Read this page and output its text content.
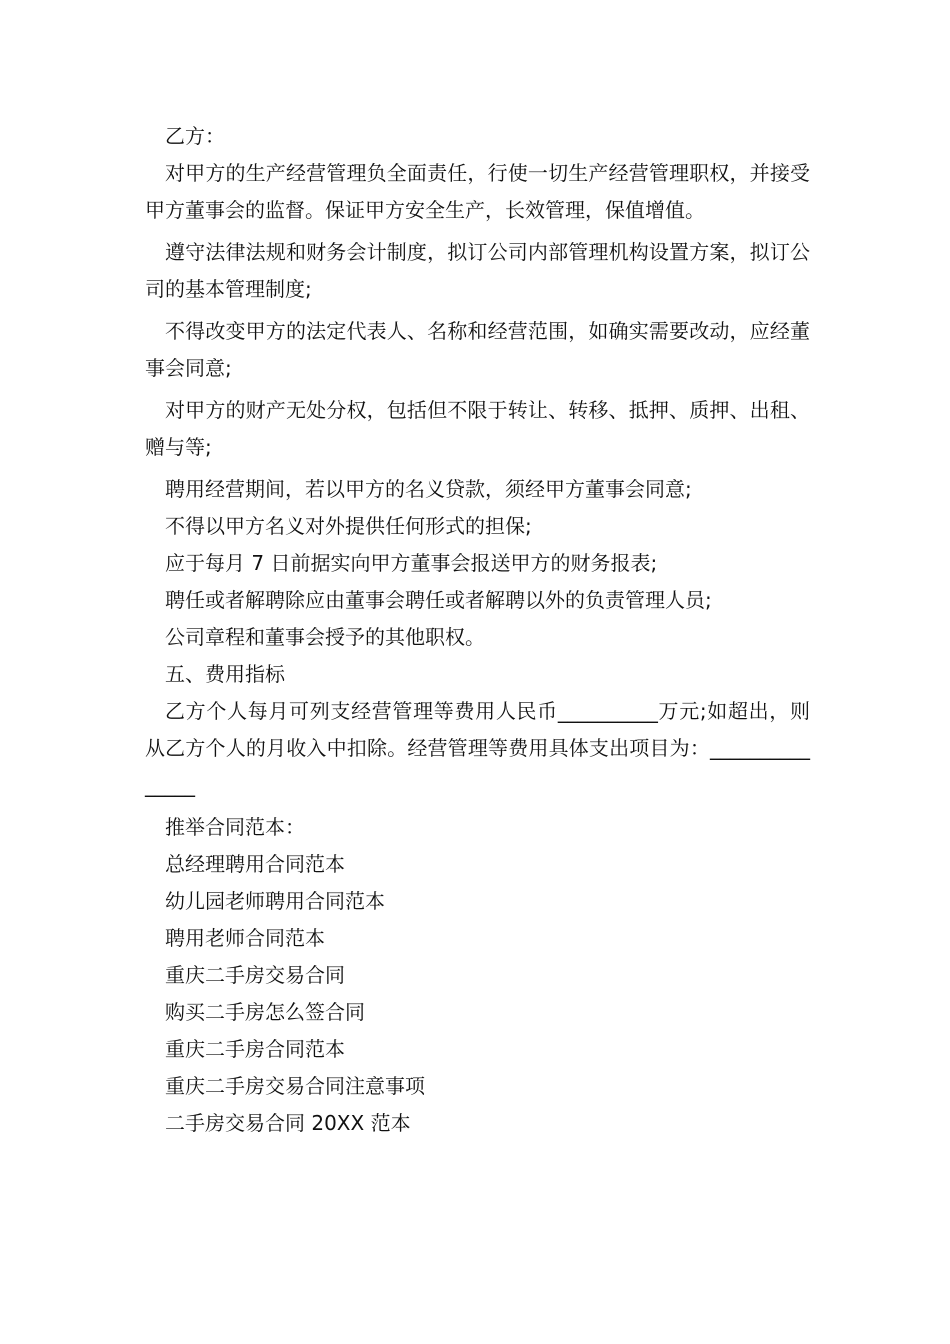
乙方：

对甲方的生产经营管理负全面责任，行使一切生产经营管理职权，并接受甲方董事会的监督。保证甲方安全生产，长效管理，保值增值。

遵守法律法规和财务会计制度，拟订公司内部管理机构设置方案，拟订公司的基本管理制度;

不得改变甲方的法定代表人、名称和经营范围，如确实需要改动，应经董事会同意;

对甲方的财产无处分权，包括但不限于转让、转移、抵押、质押、出租、赠与等;

聘用经营期间，若以甲方的名义贷款，须经甲方董事会同意;

不得以甲方名义对外提供任何形式的担保;

应于每月 7 日前据实向甲方董事会报送甲方的财务报表;

聘任或者解聘除应由董事会聘任或者解聘以外的负责管理人员;

公司章程和董事会授予的其他职权。

五、费用指标

乙方个人每月可列支经营管理等费用人民币__________万元;如超出，则从乙方个人的月收入中扣除。经营管理等费用具体支出项目为：_______________

推举合同范本：

总经理聘用合同范本

幼儿园老师聘用合同范本

聘用老师合同范本

重庆二手房交易合同

购买二手房怎么签合同

重庆二手房合同范本

重庆二手房交易合同注意事项

二手房交易合同 20XX 范本
